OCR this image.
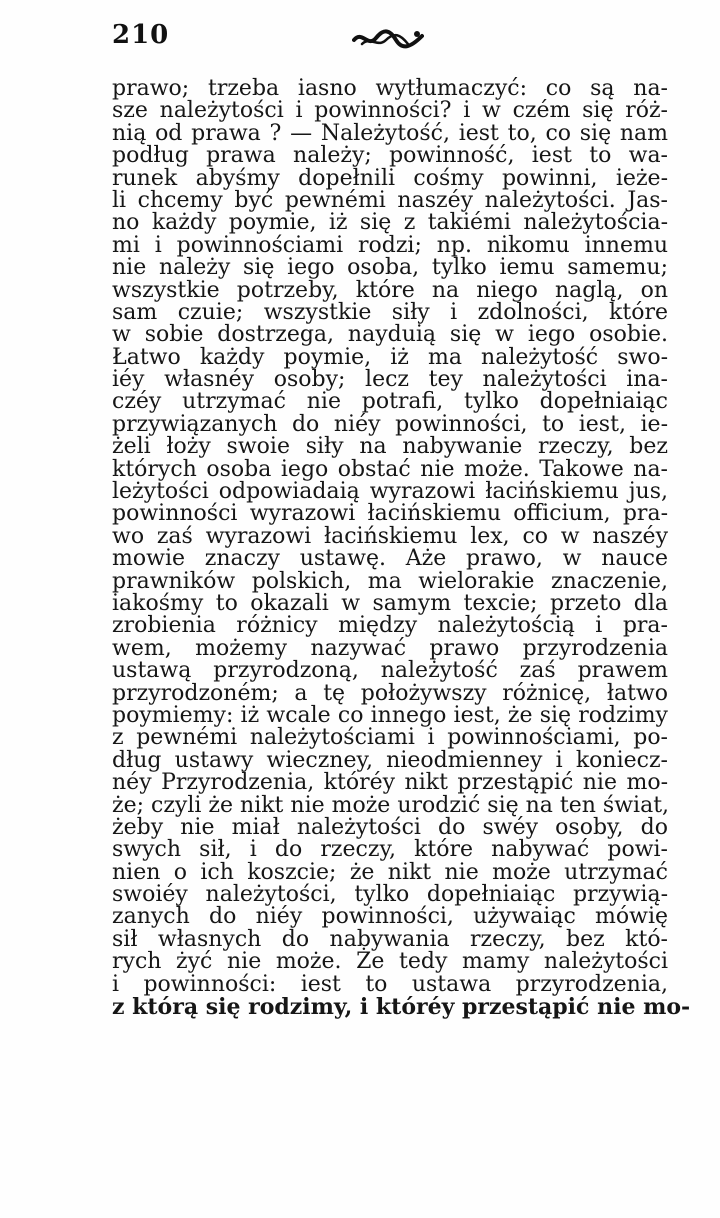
210
prawo; trzeba iasno wytłumaczyć: co są na-
sze należytości i powinności? i w czém się róż-
nią od prawa ? — Należytość, iest to, co się nam
podług prawa należy; powinność, iest to wa-
runek abyśmy dopełnili cośmy powinni, ieże-
li chcemy być pewnémi naszéy należytości. Jas-
no każdy poymie, iż się z takiémi należytościa-
mi i powinnościami rodzi; np. nikomu innemu
nie należy się iego osoba, tylko iemu samemu;
wszystkie potrzeby, które na niego naglą, on
sam czuie; wszystkie siły i zdolności, które
w sobie dostrzega, nayduią się w iego osobie.
Łatwo każdy poymie, iż ma należytość swo-
iéy własnéy osoby; lecz tey należytości ina-
czéy utrzymać nie potrafi, tylko dopełniaiąc
przywiązanych do niéy powinności, to iest, ie-
żeli łoży swoie siły na nabywanie rzeczy, bez
których osoba iego obstać nie może. Takowe na-
leżytości odpowiadaią wyrazowi łacińskiemu jus,
powinności wyrazowi łacińskiemu officium, pra-
wo zaś wyrazowi łacińskiemu lex, co w naszéy
mowie znaczy ustawę. Aże prawo, w nauce
prawników polskich, ma wielorakie znaczenie,
iakośmy to okazali w samym texcie; przeto dla
zrobienia różnicy między należytością i pra-
wem, możemy nazywać prawo przyrodzenia
ustawą przyrodzoną, należytość zaś prawem
przyrodzoném; a tę położywszy różnicę, łatwo
poymiemy: iż wcale co innego iest, że się rodzimy
z pewnémi należytościami i powinnościami, po-
dług ustawy wieczney, nieodmienney i koniecz-
néy Przyrodzenia, któréy nikt przestąpić nie mo-
że; czyli że nikt nie może urodzić się na ten świat,
żeby nie miał należytości do swéy osoby, do
swych sił, i do rzeczy, które nabywać powi-
nien o ich koszcie; że nikt nie może utrzymać
swoiéy należytości, tylko dopełniaiąc przywią-
zanych do niéy powinności, używaiąc mówię
sił własnych do nabywania rzeczy, bez któ-
rych żyć nie może. Że tedy mamy należytości
i powinności: iest to ustawa przyrodzenia,
z którą się rodzimy, i któréy przestąpić nie mo-
